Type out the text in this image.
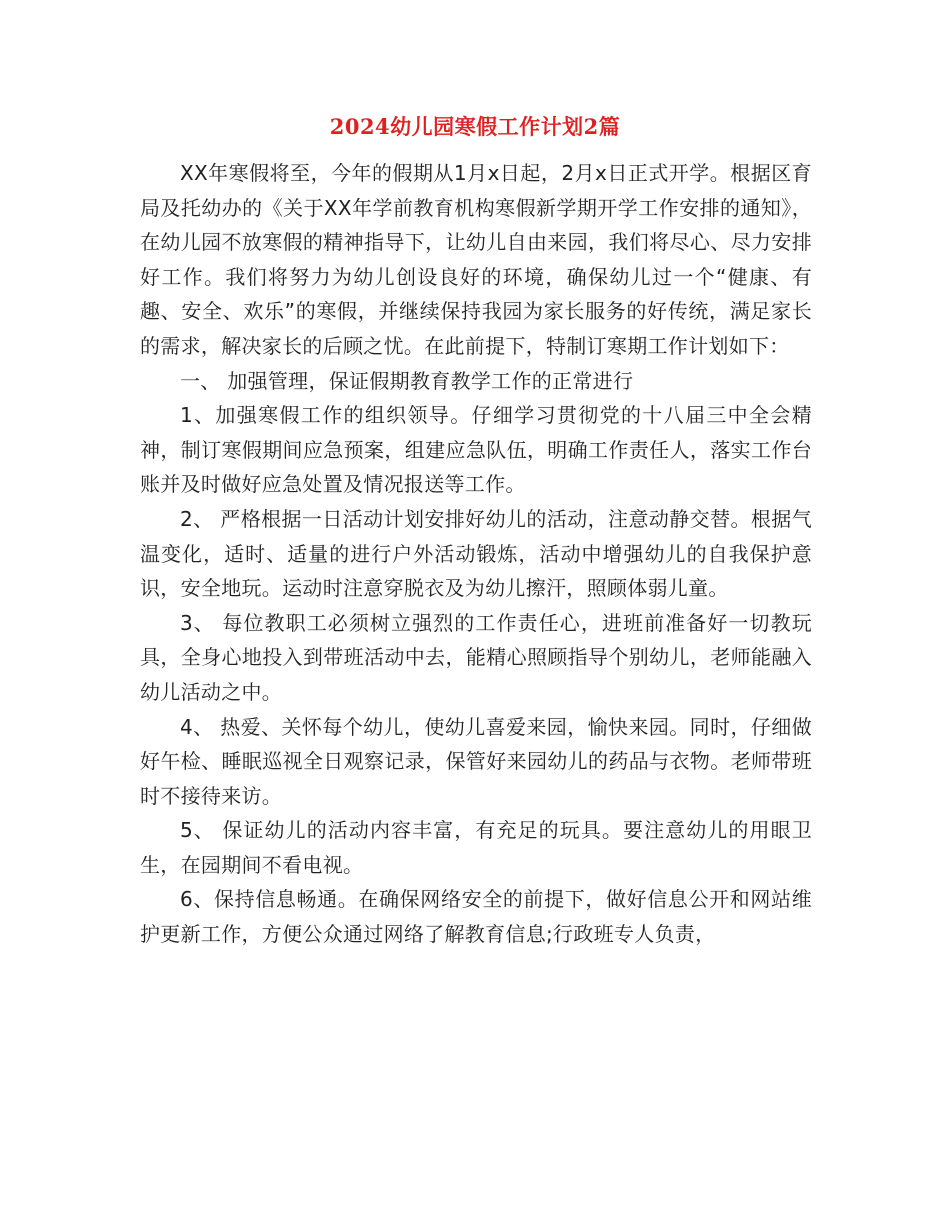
2024幼儿园寒假工作计划2篇

XX年寒假将至，今年的假期从1月x日起，2月x日正式开学。根据区育局及托幼办的《关于XX年学前教育机构寒假新学期开学工作安排的通知》，在幼儿园不放寒假的精神指导下，让幼儿自由来园，我们将尽心、尽力安排好工作。我们将努力为幼儿创设良好的环境，确保幼儿过一个“健康、有趣、安全、欢乐”的寒假，并继续保持我园为家长服务的好传统，满足家长的需求，解决家长的后顾之忧。在此前提下，特制订寒期工作计划如下：

一、 加强管理，保证假期教育教学工作的正常进行

1、加强寒假工作的组织领导。仔细学习贯彻党的十八届三中全会精神，制订寒假期间应急预案，组建应急队伍，明确工作责任人，落实工作台账并及时做好应急处置及情况报送等工作。

2、 严格根据一日活动计划安排好幼儿的活动，注意动静交替。根据气温变化，适时、适量的进行户外活动锻炼，活动中增强幼儿的自我保护意识，安全地玩。运动时注意穿脱衣及为幼儿擦汗，照顾体弱儿童。

3、 每位教职工必须树立强烈的工作责任心，进班前准备好一切教玩具，全身心地投入到带班活动中去，能精心照顾指导个别幼儿，老师能融入幼儿活动之中。

4、 热爱、关怀每个幼儿，使幼儿喜爱来园，愉快来园。同时，仔细做好午检、睡眠巡视全日观察记录，保管好来园幼儿的药品与衣物。老师带班时不接待来访。

5、 保证幼儿的活动内容丰富，有充足的玩具。要注意幼儿的用眼卫生，在园期间不看电视。

6、保持信息畅通。在确保网络安全的前提下，做好信息公开和网站维护更新工作，方便公众通过网络了解教育信息;行政班专人负责，
